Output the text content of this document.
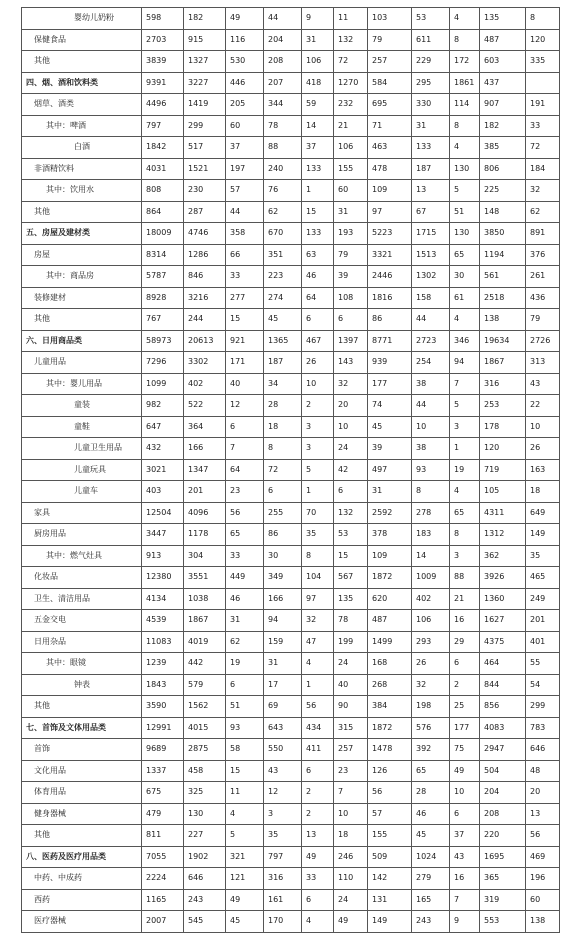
婴幼儿奶粉	598	182	49	44	9	11	103	53	4	135	8
保健食品	2703	915	116	204	31	132	79	611	8	487	120
其他	3839	1327	530	208	106	72	257	229	172	603	335
四、烟、酒和饮料类	9391	3227	446	207	418	1270	584	295	1861	437	
烟草、酒类	4496	1419	205	344	59	232	695	330	114	907	191
其中：啤酒	797	299	60	78	14	21	71	31	8	182	33
白酒	1842	517	37	88	37	106	463	133	4	385	72
非酒精饮料	4031	1521	197	240	133	155	478	187	130	806	184
其中：饮用水	808	230	57	76	1	60	109	13	5	225	32
其他	864	287	44	62	15	31	97	67	51	148	62
五、房屋及建材类	18009	4746	358	670	133	193	5223	1715	130	3850	891
房屋	8314	1286	66	351	63	79	3321	1513	65	1194	376
其中：商品房	5787	846	33	223	46	39	2446	1302	30	561	261
装修建材	8928	3216	277	274	64	108	1816	158	61	2518	436
其他	767	244	15	45	6	6	86	44	4	138	79
六、日用商品类	58973	20613	921	1365	467	1397	8771	2723	346	19634	2726
儿童用品	7296	3302	171	187	26	143	939	254	94	1867	313
其中：婴儿用品	1099	402	40	34	10	32	177	38	7	316	43
童装	982	522	12	28	2	20	74	44	5	253	22
童鞋	647	364	6	18	3	10	45	10	3	178	10
儿童卫生用品	432	166	7	8	3	24	39	38	1	120	26
儿童玩具	3021	1347	64	72	5	42	497	93	19	719	163
儿童车	403	201	23	6	1	6	31	8	4	105	18
家具	12504	4096	56	255	70	132	2592	278	65	4311	649
厨房用品	3447	1178	65	86	35	53	378	183	8	1312	149
其中：燃气灶具	913	304	33	30	8	15	109	14	3	362	35
化妆品	12380	3551	449	349	104	567	1872	1009	88	3926	465
卫生、清洁用品	4134	1038	46	166	97	135	620	402	21	1360	249
五金交电	4539	1867	31	94	32	78	487	106	16	1627	201
日用杂品	11083	4019	62	159	47	199	1499	293	29	4375	401
其中：眼镜	1239	442	19	31	4	24	168	26	6	464	55
钟表	1843	579	6	17	1	40	268	32	2	844	54
其他	3590	1562	51	69	56	90	384	198	25	856	299
七、首饰及文体用品类	12991	4015	93	643	434	315	1872	576	177	4083	783
首饰	9689	2875	58	550	411	257	1478	392	75	2947	646
文化用品	1337	458	15	43	6	23	126	65	49	504	48
体育用品	675	325	11	12	2	7	56	28	10	204	20
健身器械	479	130	4	3	2	10	57	46	6	208	13
其他	811	227	5	35	13	18	155	45	37	220	56
八、医药及医疗用品类	7055	1902	321	797	49	246	509	1024	43	1695	469
中药、中成药	2224	646	121	316	33	110	142	279	16	365	196
西药	1165	243	49	161	6	24	131	165	7	319	60
医疗器械	2007	545	45	170	4	49	149	243	9	553	138
